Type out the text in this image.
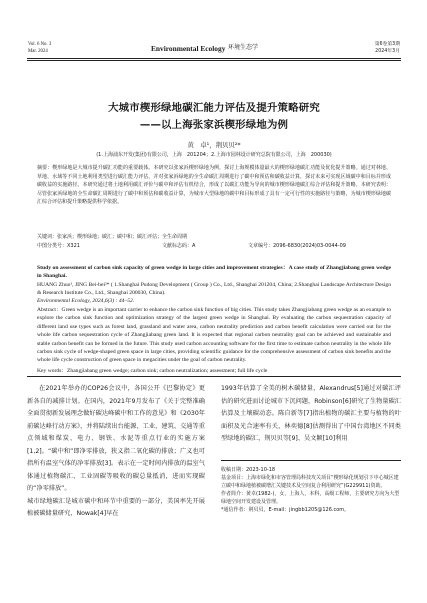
Vol. 6 No. 3
Mar. 2024	Environmental Ecology 环境生态学	第6卷第3期
2024年3月
大城市楔形绿地碳汇能力评估及提升策略研究
——以上海张家浜楔形绿地为例
黄　卓¹，荆贝贝²*
(1.上海浦东开发(集团)有限公司，上海　201204；2.上海市园林设计研究总院有限公司，上海　200030)
摘要：楔形绿地是大城市提升碳汇功能的重要载体。本研究以张家浜楔形绿地为例，探讨上海规模体量最大的楔形绿地碳汇功能及优化提升策略。通过对林地、草地、水域等不同土地利用类型进行碳汇能力评估，并对张家浜绿地的全生命碳汇周期进行了碳中和预估和碳收益计算，探讨未来可实现区域碳中和目标并形成碳收益的实施路径。本研究通过将土地利用碳汇评价与碳中和评估有机结合，形成了以碳汇功能为导向的城市楔形绿地碳汇综合评估和提升策略。本研究表明：尽管张家浜绿地的全生命碳汇周期进行了碳中和预估和碳收益计算，为城市大型绿地的碳中和目标形成了具有一定可行性的实施路径与策略，为城市楔形绿地碳汇综合评估和提升策略提供科学依据。
关键词：张家浜；楔形绿地；碳汇；碳中和；碳汇评估；全生命周期
中图分类号：X321	文献标志码：A	文章编号：2096-6830(2024)03-0044-09
Study on assessment of carbon sink capacity of green wedge in large cities and improvement strategies：A case study of Zhangjiabang green wedge in Shanghai.
HUANG Zhuo¹, JING Bei-bei²* ( 1.Shanghai Pudong Development ( Group ) Co., Ltd., Shanghai 201204, China; 2.Shanghai Landscape Architecture Design & Research Institute Co., Ltd., Shanghai 200030, China).
Environmental Ecology, 2024,6(3) : 44–52.
Abstract：Green wedge is an important carrier to enhance the carbon sink function of big cities. This study takes Zhangjiabang green wedge as an example to explore the carbon sink function and optimization strategy of the largest green wedge in Shanghai. By evaluating the carbon sequestration capacity of different land use types such as forest land, grassland and water area, carbon neutrality prediction and carbon benefit calculation were carried out for the whole life carbon sequestration cycle of Zhangjiabang green land. It is expected that regional carbon neutrality goal can be achieved and sustainable and stable carbon benefit can be formed in the future. This study used carbon accounting software for the first time to estimate carbon neutrality in the whole life carbon sink cycle of wedge-shaped green space in large cities, providing scientific guidance for the comprehensive assessment of carbon sink benefits and the whole life cycle construction of green space in megacities under the goal of carbon neutrality.
Key words：Zhangjiabang green wedge; carbon sink; carbon neutralization; assessment; full life cycle
在2021年举办的COP26会议中，各国公开《巴黎协定》更新各自的减排计划。在国内，2021年9月发布了《关于完整准确全面贯彻新发展理念做好碳达峰碳中和工作的意见》和《2030年前碳达峰行动方案》，并将陆续出台能源、工业、建筑、交通等重点领域和煤炭、电力、钢铁、水泥等重点行业的实施方案[1,2]。“碳中和”即净零排放，狭义指二氧化碳的排放；广义也可指所有温室气体的净零排放[3]。表示在一定时间内排放的温室气体通过植物碳汇、工业固碳等吸收的碳总量抵消，进而实现碳的“净零排放”。
城市绿地碳汇是城市碳中和环节中重要的一部分，美国率先开展植被碳储量研究，Nowak[4]早在
1993年估算了全美的树木碳储量，Alexandrus[5]通过对碳汇评估的研究进而讨论城市下沉问题，Robinson[6]研究了生物量碳汇估算及土壤碳动态。陈自新等[7]指出植物的碳汇主要与植物的叶面积及光合速率有关，林奕德[8]估测得出了中国台湾地区不同类型绿地的碳汇，荆贝贝等[9]、吴文颖[10]利用
收稿日期：2023-10-18
基金项目：上海市绿化和市容管理局科技攻关项目“楔形绿化规划引下中心城区建立碳中和绿地植被碳增汇关键技术及空间复合利用研究”(G229911)资助。
作者简介：黄卓(1982-)，女，上海人，本科，高级工程师，主要研究方向为大型绿地空间开发建设及管理。
*通信作者：荆贝贝，E-mail：jingbb1205@126.com。
